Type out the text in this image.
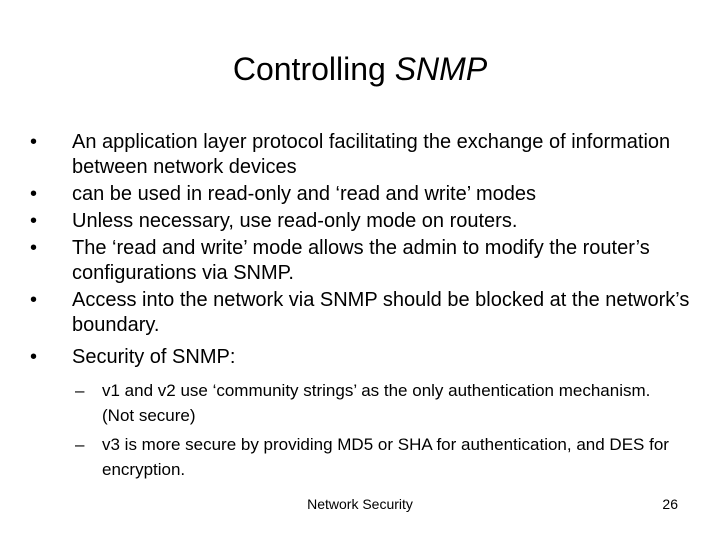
Controlling SNMP
•	An application layer protocol facilitating the exchange of information between network devices
•	can be used in read-only and ‘read and write’ modes
•	Unless necessary, use read-only mode on routers.
•	The ‘read and write’ mode allows the admin to modify the router’s configurations via SNMP.
•	Access into the network via SNMP should be blocked at the network’s boundary.
•	Security of SNMP:
– v1 and v2 use ‘community strings’ as the only authentication mechanism. (Not secure)
– v3 is more secure by providing MD5 or SHA for authentication, and DES for encryption.
Network Security	26
